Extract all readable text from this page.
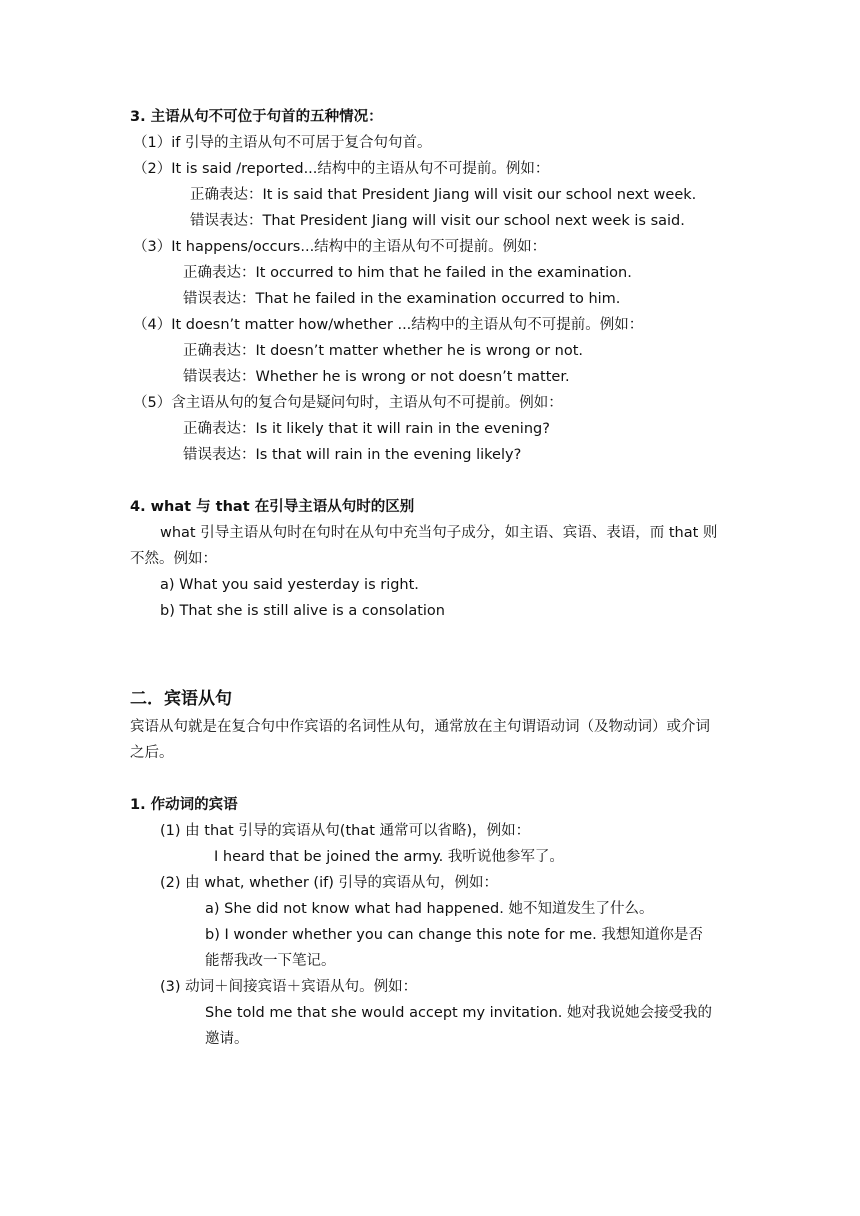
3. 主语从句不可位于句首的五种情况：
（1）if 引导的主语从句不可居于复合句句首。
（2）It is said /reported...结构中的主语从句不可提前。例如：
正确表达：It is said that President Jiang will visit our school next week.
错误表达：That President Jiang will visit our school next week is said.
（3）It happens/occurs...结构中的主语从句不可提前。例如：
正确表达：It occurred to him that he failed in the examination.
错误表达：That he failed in the examination occurred to him.
（4）It doesn’t matter how/whether ...结构中的主语从句不可提前。例如：
正确表达：It doesn’t matter whether he is wrong or not.
错误表达：Whether he is wrong or not doesn’t matter.
（5）含主语从句的复合句是疑问句时，主语从句不可提前。例如：
正确表达：Is it likely that it will rain in the evening?
错误表达：Is that will rain in the evening likely?
4. what 与 that 在引导主语从句时的区别
what 引导主语从句时在句时在从句中充当句子成分，如主语、宾语、表语，而 that 则
不然。例如：
a) What you said yesterday is right.
b) That she is still alive is a consolation
二．宾语从句
宾语从句就是在复合句中作宾语的名词性从句，通常放在主句谓语动词（及物动词）或介词
之后。
1. 作动词的宾语
(1) 由 that 引导的宾语从句(that 通常可以省略)，例如：
I heard that be joined the army. 我听说他参军了。
(2) 由 what, whether (if) 引导的宾语从句，例如：
a) She did not know what had happened. 她不知道发生了什么。
b) I wonder whether you can change this note for me. 我想知道你是否
能帮我改一下笔记。
(3) 动词＋间接宾语＋宾语从句。例如：
She told me that she would accept my invitation. 她对我说她会接受我的
邀请。
